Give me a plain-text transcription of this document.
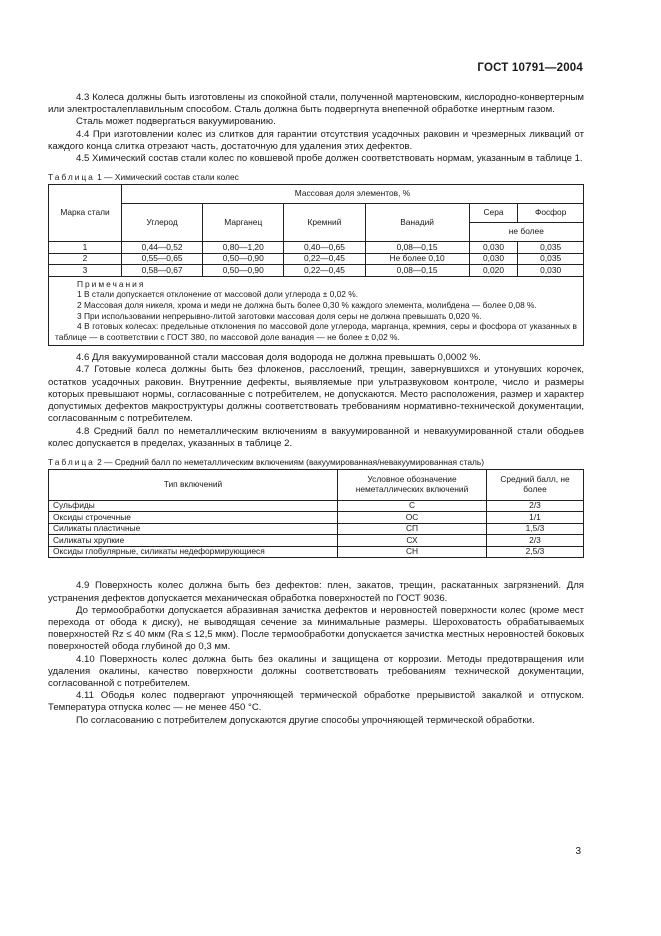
ГОСТ 10791—2004

4.3 Колеса должны быть изготовлены из спокойной стали, полученной мартеновским, кислородно-конвертерным или электросталеплавильным способом. Сталь должна быть подвергнута внепечной обработке инертным газом.

Сталь может подвергаться вакуумированию.

4.4 При изготовлении колес из слитков для гарантии отсутствия усадочных раковин и чрезмерных ликваций от каждого конца слитка отрезают часть, достаточную для удаления этих дефектов.

4.5 Химический состав стали колес по ковшевой пробе должен соответствовать нормам, указанным в таблице 1.

Таблица 1 — Химический состав стали колес
Марка стали	Массовая доля элементов, %					
	Углерод	Марганец	Кремний	Ванадий	Сера	Фосфор
					не более	
1	0,44—0,52	0,80—1,20	0,40—0,65	0,08—0,15	0,030	0,035
2	0,55—0,65	0,50—0,90	0,22—0,45	Не более 0,10	0,030	0,035
3	0,58—0,67	0,50—0,90	0,22—0,45	0,08—0,15	0,020	0,030

Примечания

1 В стали допускается отклонение от массовой доли углерода ± 0,02 %.

2 Массовая доля никеля, хрома и меди не должна быть более 0,30 % каждого элемента, молибдена — более 0,08 %.

3 При использовании непрерывно-литой заготовки массовая доля серы не должна превышать 0,020 %.

4 В готовых колесах: предельные отклонения по массовой доле углерода, марганца, кремния, серы и фосфора от указанных в таблице — в соответствии с ГОСТ 380, по массовой доле ванадия — не более ± 0,02 %.

4.6 Для вакуумированной стали массовая доля водорода не должна превышать 0,0002 %.

4.7 Готовые колеса должны быть без флокенов, расслоений, трещин, завернувшихся и утонувших корочек, остатков усадочных раковин. Внутренние дефекты, выявляемые при ультразвуковом контроле, число и размеры которых превышают нормы, согласованные с потребителем, не допускаются. Место расположения, размер и характер допустимых дефектов макроструктуры должны соответствовать требованиям нормативно-технической документации, согласованным с потребителем.

4.8 Средний балл по неметаллическим включениям в вакуумированной и невакуумированной стали ободьев колес допускается в пределах, указанных в таблице 2.

Таблица 2 — Средний балл по неметаллическим включениям (вакуумированная/невакуумированная сталь)
Тип включений	Условное обозначение неметаллических включений	Средний балл, не более
Сульфиды	С	2/3
Оксиды строчечные	ОС	1/1
Силикаты пластичные	СП	1,5/3
Силикаты хрупкие	СХ	2/3
Оксиды глобулярные, силикаты недеформирующиеся	СН	2,5/3

4.9 Поверхность колес должна быть без дефектов: плен, закатов, трещин, раскатанных загрязнений. Для устранения дефектов допускается механическая обработка поверхностей по ГОСТ 9036.

До термообработки допускается абразивная зачистка дефектов и неровностей поверхности колес (кроме мест перехода от обода к диску), не выводящая сечение за минимальные размеры. Шероховатость обрабатываемых поверхностей Rz ≤ 40 мкм (Ra ≤ 12,5 мкм). После термообработки допускается зачистка местных неровностей боковых поверхностей обода глубиной до 0,3 мм.

4.10 Поверхность колес должна быть без окалины и защищена от коррозии. Методы предотвращения или удаления окалины, качество поверхности должны соответствовать требованиям технической документации, согласованной с потребителем.

4.11 Ободья колес подвергают упрочняющей термической обработке прерывистой закалкой и отпуском. Температура отпуска колес — не менее 450 °С.

По согласованию с потребителем допускаются другие способы упрочняющей термической обработки.

3
